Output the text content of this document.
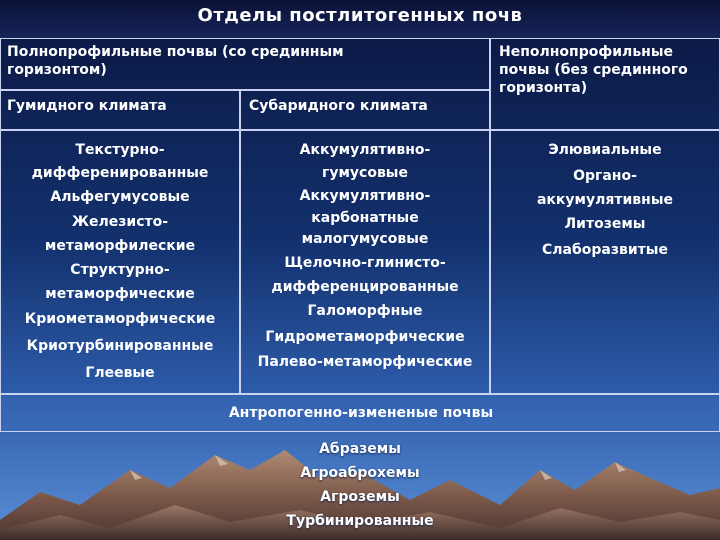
Отделы постлитогенных почв
Полнопрофильные почвы (со срединным горизонтом)
Неполнопрофильные почвы (без срединного горизонта)
Гумидного климата	Субаридного климата
Текстурно-
дифференированные
Альфегумусовые
Железисто-
метаморфилеские
Структурно-
метаморфические
Криометаморфические
Криотурбинированные
Глеевые
Аккумулятивно-
гумусовые
Аккумулятивно-
карбонатные
малогумусовые
Щелочно-глинисто-
дифференцированные
Галоморфные
Гидрометаморфические
Палево-метаморфические
Элювиальные
Органо-
аккумулятивные
Литоземы
Слаборазвитые
Антропогенно-измененые почвы
Абраземы
Агроаброхемы
Агроземы
Турбинированные
